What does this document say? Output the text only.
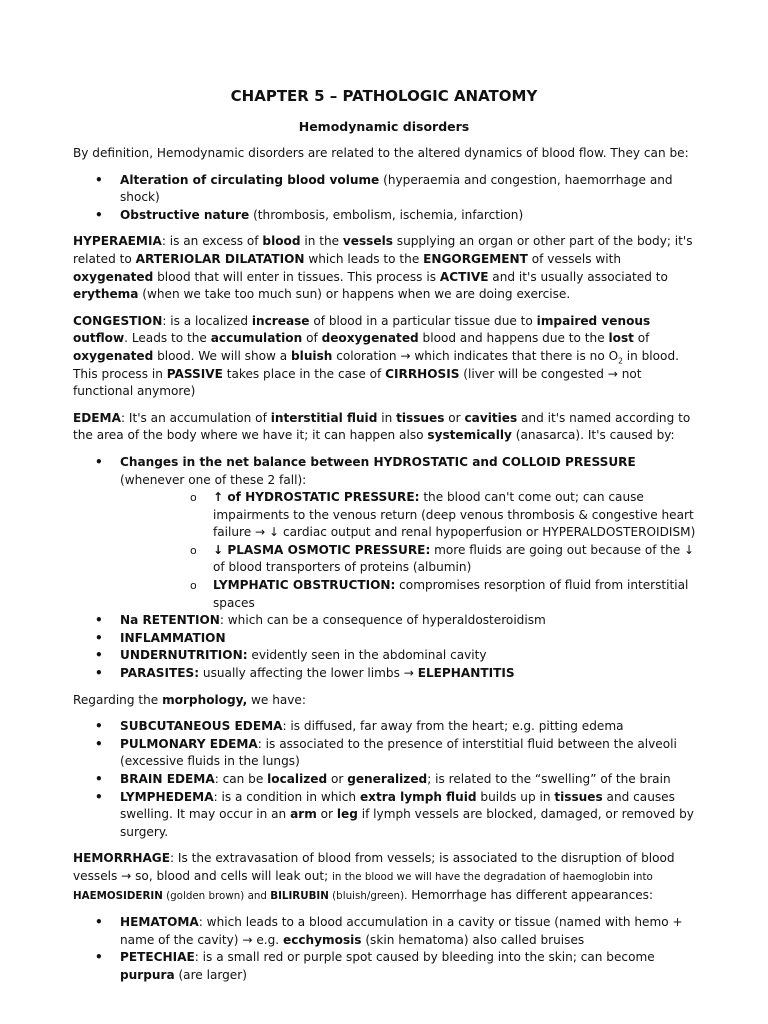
CHAPTER 5 – PATHOLOGIC ANATOMY
Hemodynamic disorders

By definition, Hemodynamic disorders are related to the altered dynamics of blood flow. They can be:

• Alteration of circulating blood volume (hyperaemia and congestion, haemorrhage and shock)
• Obstructive nature (thrombosis, embolism, ischemia, infarction)

HYPERAEMIA: is an excess of blood in the vessels supplying an organ or other part of the body; it's related to ARTERIOLAR DILATATION which leads to the ENGORGEMENT of vessels with oxygenated blood that will enter in tissues. This process is ACTIVE and it's usually associated to erythema (when we take too much sun) or happens when we are doing exercise.

CONGESTION: is a localized increase of blood in a particular tissue due to impaired venous outflow. Leads to the accumulation of deoxygenated blood and happens due to the lost of oxygenated blood. We will show a bluish coloration → which indicates that there is no $O_2$ in blood. This process in PASSIVE takes place in the case of CIRRHOSIS (liver will be congested → not functional anymore)

EDEMA: It's an accumulation of interstitial fluid in tissues or cavities and it's named according to the area of the body where we have it; it can happen also systemically (anasarca). It's caused by:

• Changes in the net balance between HYDROSTATIC and COLLOID PRESSURE (whenever one of these 2 fall):
o ↑ of HYDROSTATIC PRESSURE: the blood can't come out; can cause impairments to the venous return (deep venous thrombosis & congestive heart failure → ↓ cardiac output and renal hypoperfusion or HYPERALDOSTEROIDISM)
o ↓ PLASMA OSMOTIC PRESSURE: more fluids are going out because of the ↓ of blood transporters of proteins (albumin)
o LYMPHATIC OBSTRUCTION: compromises resorption of fluid from interstitial spaces
• Na RETENTION: which can be a consequence of hyperaldosteroidism
• INFLAMMATION
• UNDERNUTRITION: evidently seen in the abdominal cavity
• PARASITES: usually affecting the lower limbs → ELEPHANTITIS

Regarding the morphology, we have:

• SUBCUTANEOUS EDEMA: is diffused, far away from the heart; e.g. pitting edema
• PULMONARY EDEMA: is associated to the presence of interstitial fluid between the alveoli (excessive fluids in the lungs)
• BRAIN EDEMA: can be localized or generalized; is related to the “swelling” of the brain
• LYMPHEDEMA: is a condition in which extra lymph fluid builds up in tissues and causes swelling. It may occur in an arm or leg if lymph vessels are blocked, damaged, or removed by surgery.

HEMORRHAGE: Is the extravasation of blood from vessels; is associated to the disruption of blood vessels → so, blood and cells will leak out; in the blood we will have the degradation of haemoglobin into HAEMOSIDERIN (golden brown) and BILIRUBIN (bluish/green). Hemorrhage has different appearances:

• HEMATOMA: which leads to a blood accumulation in a cavity or tissue (named with hemo + name of the cavity) → e.g. ecchymosis (skin hematoma) also called bruises
• PETECHIAE: is a small red or purple spot caused by bleeding into the skin; can become purpura (are larger)
